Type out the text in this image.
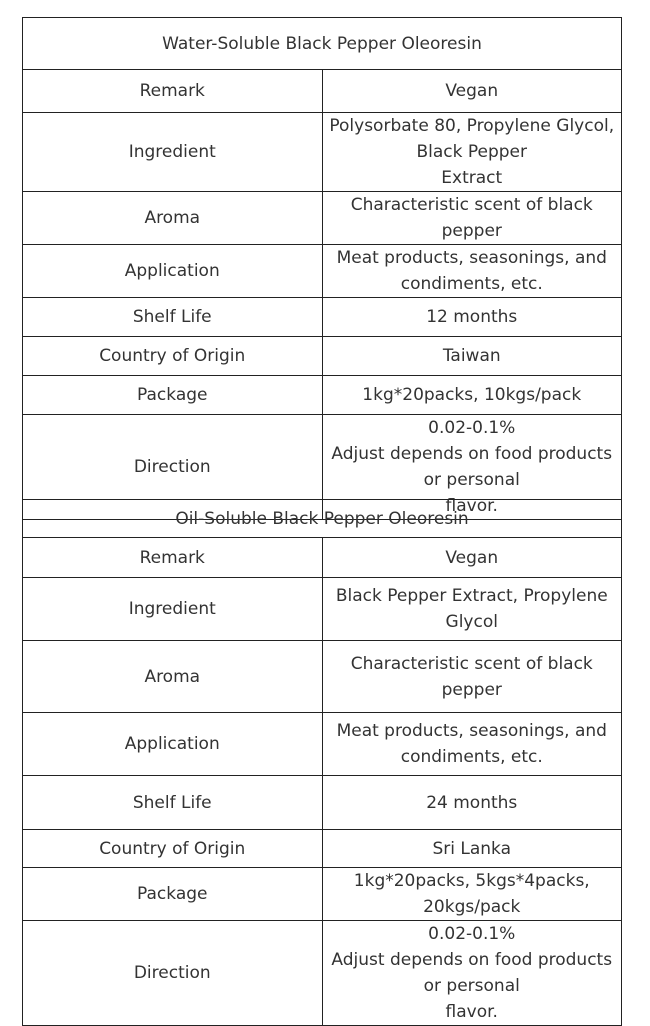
Water-Soluble Black Pepper Oleoresin	
Remark	Vegan

Ingredient	Polysorbate 80, Propylene Glycol, Black Pepper
Extract

Aroma	Characteristic scent of black pepper

Application	Meat products, seasonings, and condiments, etc.

Shelf Life	12 months

Country of Origin	Taiwan

Package	1kg*20packs, 10kgs/pack

Direction	0.02-0.1%
Adjust depends on food products or personal
flavor.
Oil-Soluble Black Pepper Oleoresin	
Remark	Vegan

Ingredient	Black Pepper Extract, Propylene Glycol

Aroma	Characteristic scent of black pepper

Application	Meat products, seasonings, and condiments, etc.

Shelf Life	24 months

Country of Origin	Sri Lanka

Package	1kg*20packs, 5kgs*4packs, 20kgs/pack

Direction	0.02-0.1%
Adjust depends on food products or personal
flavor.
